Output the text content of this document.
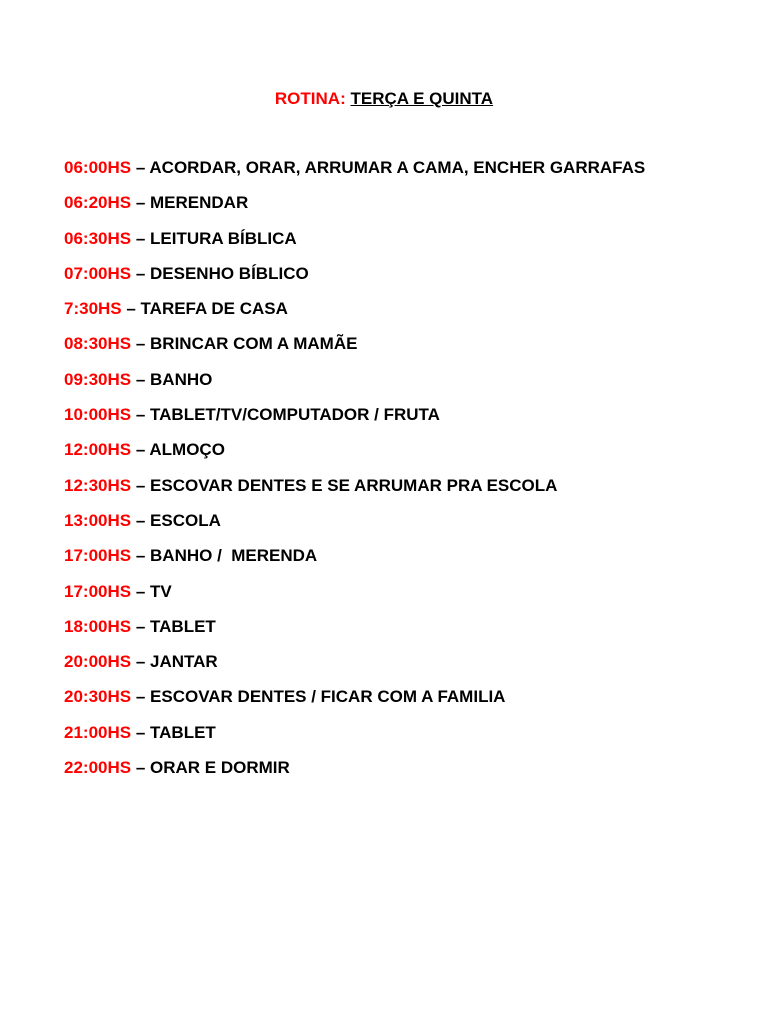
ROTINA: TERÇA E QUINTA
06:00HS – ACORDAR, ORAR, ARRUMAR A CAMA, ENCHER GARRAFAS
06:20HS – MERENDAR
06:30HS – LEITURA BÍBLICA
07:00HS – DESENHO BÍBLICO
7:30HS – TAREFA DE CASA
08:30HS – BRINCAR COM A MAMÃE
09:30HS – BANHO
10:00HS – TABLET/TV/COMPUTADOR / FRUTA
12:00HS – ALMOÇO
12:30HS – ESCOVAR DENTES E SE ARRUMAR PRA ESCOLA
13:00HS – ESCOLA
17:00HS – BANHO /  MERENDA
17:00HS – TV
18:00HS – TABLET
20:00HS – JANTAR
20:30HS – ESCOVAR DENTES / FICAR COM A FAMILIA
21:00HS – TABLET
22:00HS – ORAR E DORMIR
